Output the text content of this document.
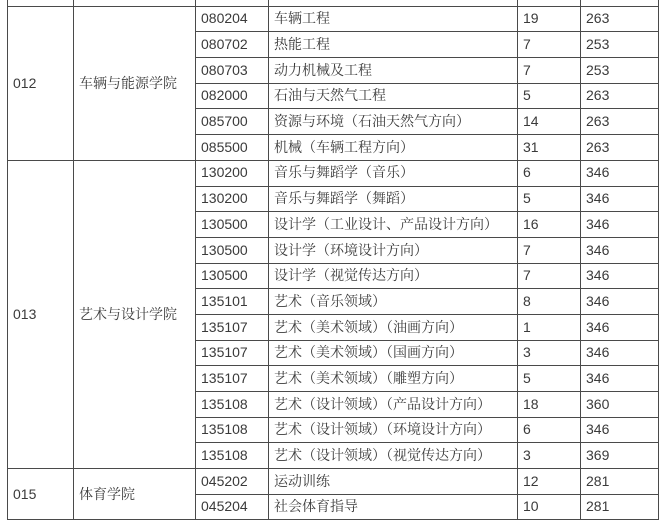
012	车辆与能源学院	080204	车辆工程	19	263
		080702	热能工程	7	253
		080703	动力机械及工程	7	253
		082000	石油与天然气工程	5	263
		085700	资源与环境（石油天然气方向）	14	263
		085500	机械（车辆工程方向）	31	263
013	艺术与设计学院	130200	音乐与舞蹈学（音乐）	6	346
		130200	音乐与舞蹈学（舞蹈）	5	346
		130500	设计学（工业设计、产品设计方向）	16	346
		130500	设计学（环境设计方向）	7	346
		130500	设计学（视觉传达方向）	7	346
		135101	艺术（音乐领域）	8	346
		135107	艺术（美术领域）（油画方向）	1	346
		135107	艺术（美术领域）（国画方向）	3	346
		135107	艺术（美术领域）（雕塑方向）	5	346
		135108	艺术（设计领域）（产品设计方向）	18	360
		135108	艺术（设计领域）（环境设计方向）	6	346
		135108	艺术（设计领域）（视觉传达方向）	3	369
015	体育学院	045202	运动训练	12	281
		045204	社会体育指导	10	281
